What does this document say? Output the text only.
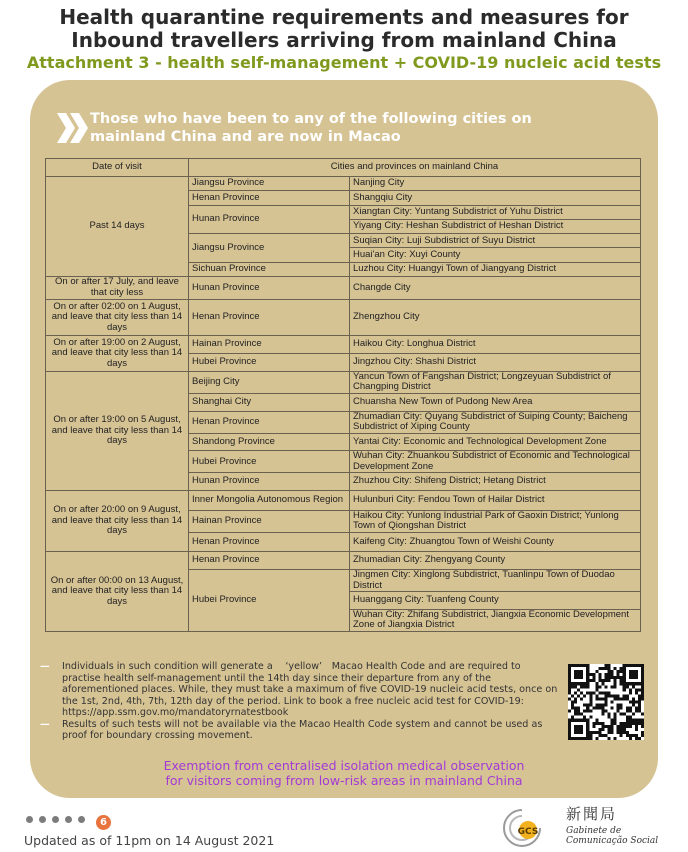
Health quarantine requirements and measures for
Inbound travellers arriving from mainland China
Attachment 3 - health self-management + COVID-19 nucleic acid tests
Those who have been to any of the following cities on
mainland China and are now in Macao
Date of visit	Cities and provinces on mainland China	
Past 14 days	Jiangsu Province	Nanjing City
	Henan Province	Shangqiu City
	Hunan Province	Xiangtan City: Yuntang Subdistrict of Yuhu District
		Yiyang City: Heshan Subdistrict of Heshan District
	Jiangsu Province	Suqian City: Luji Subdistrict of Suyu District
		Huai'an City: Xuyi County
	Sichuan Province	Luzhou City: Huangyi Town of Jiangyang District
On or after 17 July, and leave that city less	Hunan Province	Changde City
On or after 02:00 on 1 August, and leave that city less than 14 days	Henan Province	Zhengzhou City
On or after 19:00 on 2 August, and leave that city less than 14 days	Hainan Province	Haikou City: Longhua District
	Hubei Province	Jingzhou City: Shashi District
On or after 19:00 on 5 August, and leave that city less than 14 days	Beijing City	Yancun Town of Fangshan District; Longzeyuan Subdistrict of Changping District
	Shanghai City	Chuansha New Town of Pudong New Area
	Henan Province	Zhumadian City: Quyang Subdistrict of Suiping County; Baicheng Subdistrict of Xiping County
	Shandong Province	Yantai City: Economic and Technological Development Zone
	Hubei Province	Wuhan City: Zhuankou Subdistrict of Economic and Technological Development Zone
	Hunan Province	Zhuzhou City: Shifeng District; Hetang District
On or after 20:00 on 9 August, and leave that city less than 14 days	Inner Mongolia Autonomous Region	Hulunburi City: Fendou Town of Hailar District
	Hainan Province	Haikou City: Yunlong Industrial Park of Gaoxin District; Yunlong Town of Qiongshan District
	Henan Province	Kaifeng City: Zhuangtou Town of Weishi County
On or after 00:00 on 13 August, and leave that city less than 14 days	Henan Province	Zhumadian City: Zhengyang County
	Hubei Province	Jingmen City: Xinglong Subdistrict, Tuanlinpu Town of Duodao District
		Huanggang City: Tuanfeng County
		Wuhan City: Zhifang Subdistrict, Jiangxia Economic Development Zone of Jiangxia District
— Individuals in such condition will generate a 　‘yellow’　Macao Health Code and are required to practise health self-management until the 14th day since their departure from any of the aforementioned places. While, they must take a maximum of five COVID-19 nucleic acid tests, once on the 1st, 2nd, 4th, 7th, 12th day of the period. Link to book a free nucleic acid test for COVID-19: https://app.ssm.gov.mo/mandatoryrnatestbook
— Results of such tests will not be available via the Macao Health Code system and cannot be used as proof for boundary crossing movement.
Exemption from centralised isolation medical observation
for visitors coming from low-risk areas in mainland China
6
Updated as of 11pm on 14 August 2021
GCS
新聞局
Gabinete de
Comunicação Social
